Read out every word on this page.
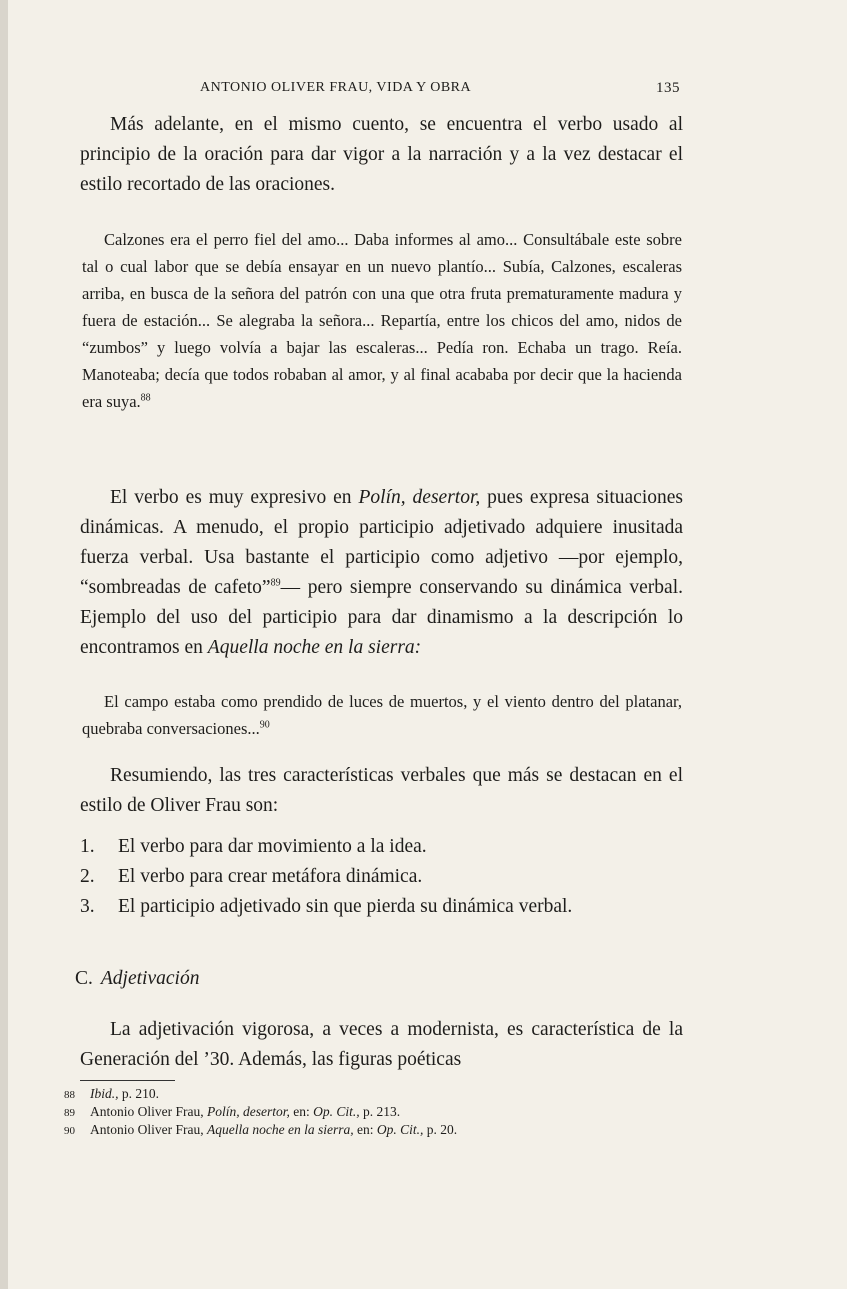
ANTONIO OLIVER FRAU, VIDA Y OBRA	135

Más adelante, en el mismo cuento, se encuentra el verbo usado al principio de la oración para dar vigor a la narración y a la vez destacar el estilo recortado de las oraciones.

Calzones era el perro fiel del amo... Daba informes al amo... Consultábale este sobre tal o cual labor que se debía ensayar en un nuevo plantío... Subía, Calzones, escaleras arriba, en busca de la señora del patrón con una que otra fruta prematuramente madura y fuera de estación... Se alegraba la señora... Repartía, entre los chicos del amo, nidos de “zumbos” y luego volvía a bajar las escaleras... Pedía ron. Echaba un trago. Reía. Manoteaba; decía que todos robaban al amor, y al final acababa por decir que la hacienda era suya.$^{88}$

El verbo es muy expresivo en Polín, desertor, pues expresa situaciones dinámicas. A menudo, el propio participio adjetivado adquiere inusitada fuerza verbal. Usa bastante el participio como adjetivo —por ejemplo, “sombreadas de cafeto”$^{89}$— pero siempre conservando su dinámica verbal. Ejemplo del uso del participio para dar dinamismo a la descripción lo encontramos en Aquella noche en la sierra:

El campo estaba como prendido de luces de muertos, y el viento dentro del platanar, quebraba conversaciones...$^{90}$

Resumiendo, las tres características verbales que más se destacan en el estilo de Oliver Frau son:

1. El verbo para dar movimiento a la idea.
2. El verbo para crear metáfora dinámica.
3. El participio adjetivado sin que pierda su dinámica verbal.
C. Adjetivación

La adjetivación vigorosa, a veces a modernista, es característica de la Generación del ’30. Además, las figuras poéticas

88 Ibid., p. 210.
89 Antonio Oliver Frau, Polín, desertor, en: Op. Cit., p. 213.
90 Antonio Oliver Frau, Aquella noche en la sierra, en: Op. Cit., p. 20.
